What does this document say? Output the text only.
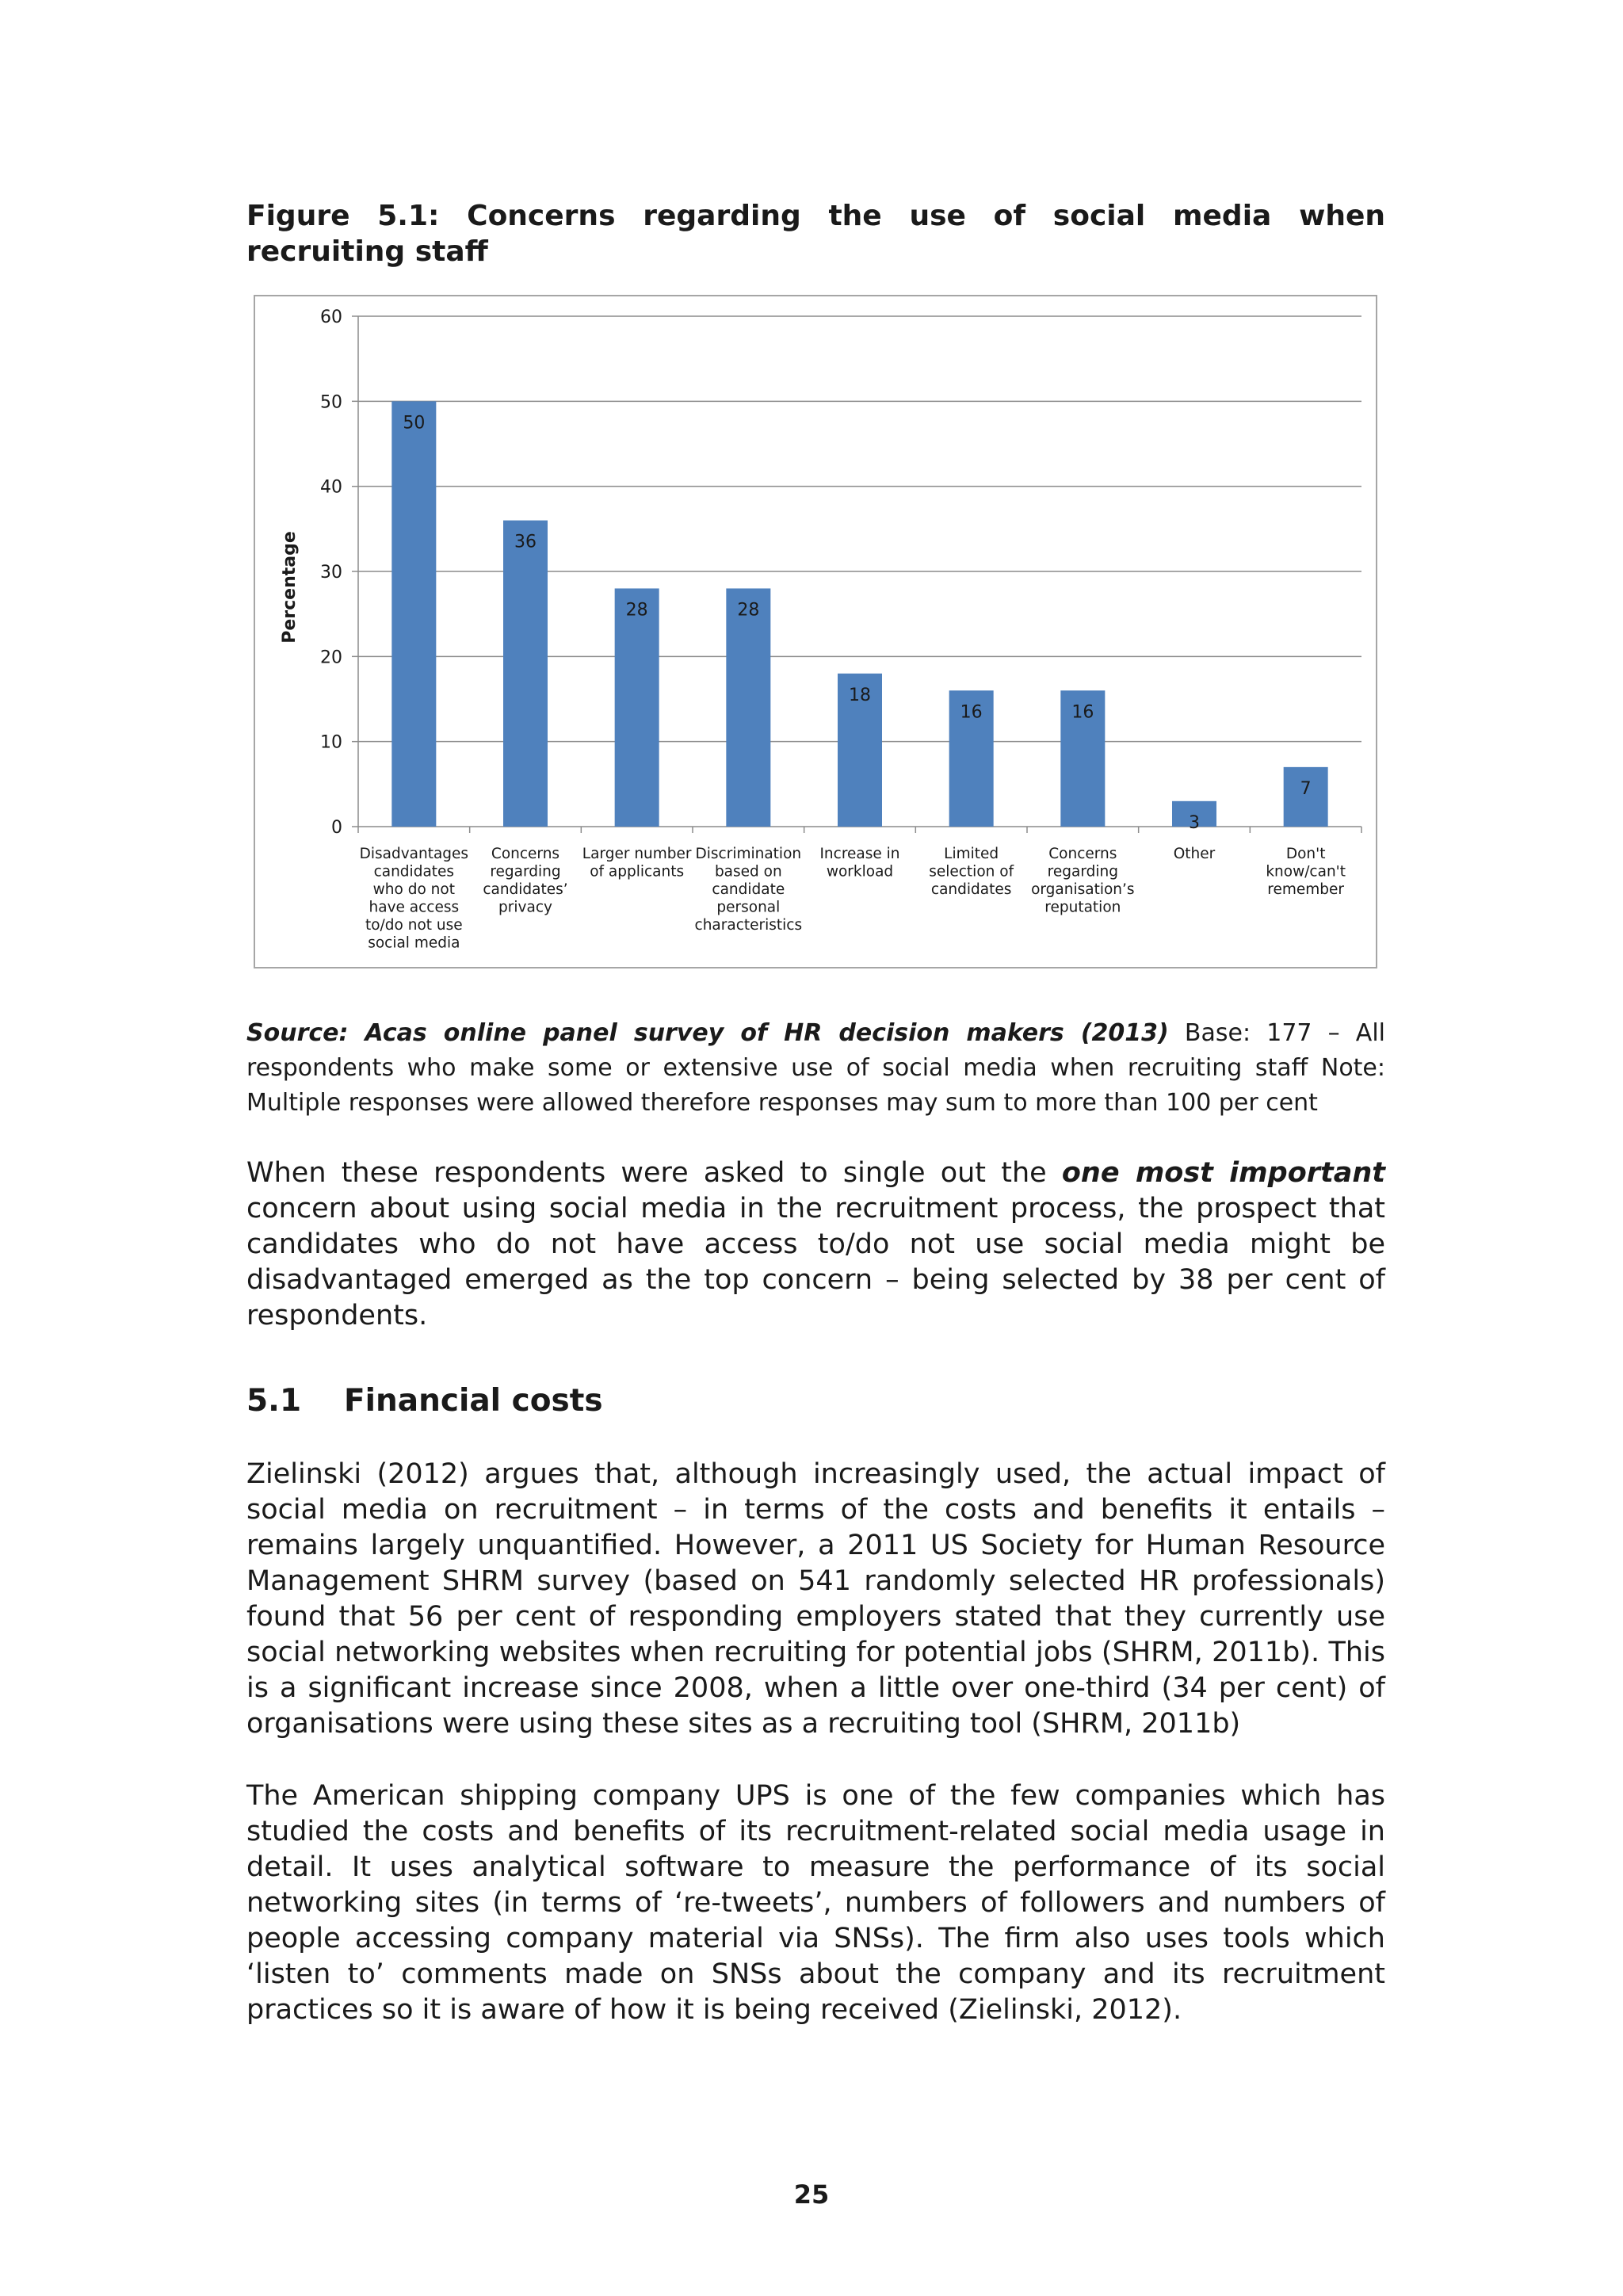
Figure 5.1: Concerns regarding the use of social media when recruiting staff
50
36
28	28
18
16	16
3
7
0
10
20
30
40
50
60
Disadvantages candidates who do not have access to/do not use social media
Concerns regarding candidates’ privacy
Larger number of applicants
Discrimination based on candidate personal characteristics
Increase in workload
Limited selection of candidates
Concerns regarding organisation’s reputation
Other	Don't know/can't remember
Percentage

Source: Acas online panel survey of HR decision makers (2013) Base: 177 – All respondents who make some or extensive use of social media when recruiting staff Note: Multiple responses were allowed therefore responses may sum to more than 100 per cent

When these respondents were asked to single out the one most important concern about using social media in the recruitment process, the prospect that candidates who do not have access to/do not use social media might be disadvantaged emerged as the top concern – being selected by 38 per cent of respondents.

5.1	Financial costs

Zielinski (2012) argues that, although increasingly used, the actual impact of social media on recruitment – in terms of the costs and benefits it entails – remains largely unquantified. However, a 2011 US Society for Human Resource Management SHRM survey (based on 541 randomly selected HR professionals) found that 56 per cent of responding employers stated that they currently use social networking websites when recruiting for potential jobs (SHRM, 2011b). This is a significant increase since 2008, when a little over one-third (34 per cent) of organisations were using these sites as a recruiting tool (SHRM, 2011b)

The American shipping company UPS is one of the few companies which has studied the costs and benefits of its recruitment-related social media usage in detail. It uses analytical software to measure the performance of its social networking sites (in terms of ‘re-tweets’, numbers of followers and numbers of people accessing company material via SNSs). The firm also uses tools which ‘listen to’ comments made on SNSs about the company and its recruitment practices so it is aware of how it is being received (Zielinski, 2012).

25
